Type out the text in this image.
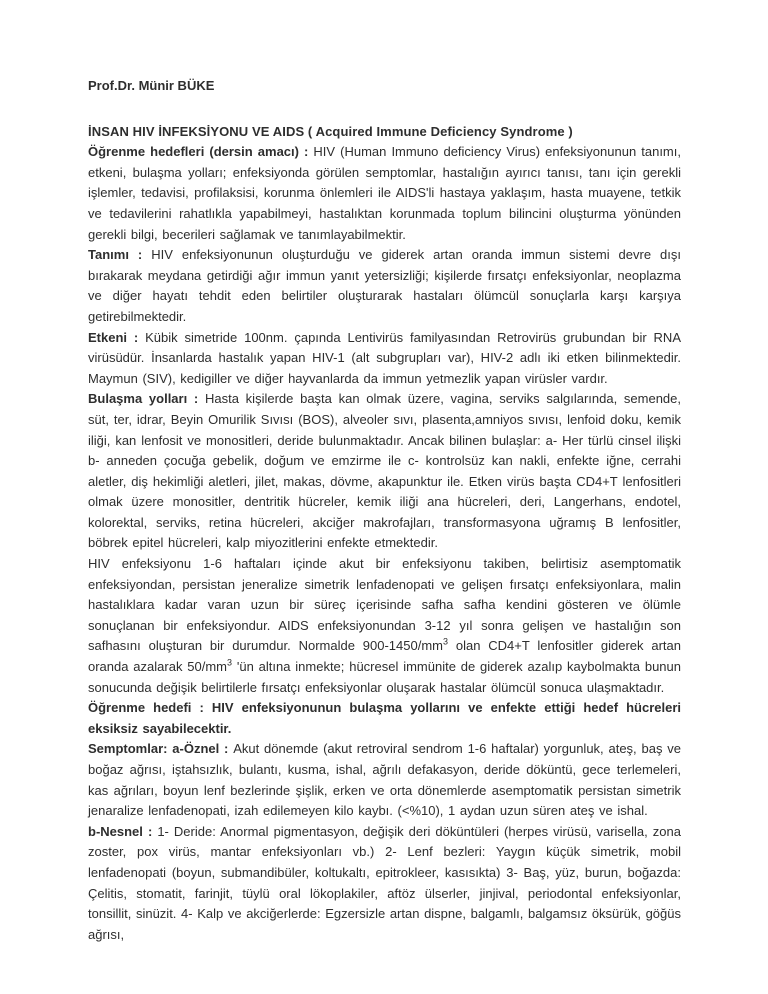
Prof.Dr. Münir BÜKE

İNSAN HIV İNFEKSİYONU VE AIDS ( Acquired Immune Deficiency Syndrome )

Öğrenme hedefleri (dersin amacı) : HIV (Human Immuno deficiency Virus) enfeksiyonunun tanımı, etkeni, bulaşma yolları; enfeksiyonda görülen semptomlar, hastalığın ayırıcı tanısı, tanı için gerekli işlemler, tedavisi, profilaksisi, korunma önlemleri ile AIDS'li hastaya yaklaşım, hasta muayene, tetkik ve tedavilerini rahatlıkla yapabilmeyi, hastalıktan korunmada toplum bilincini oluşturma yönünden gerekli bilgi, becerileri sağlamak ve tanımlayabilmektir.

Tanımı : HIV enfeksiyonunun oluşturduğu ve giderek artan oranda immun sistemi devre dışı bırakarak meydana getirdiği ağır immun yanıt yetersizliği; kişilerde fırsatçı enfeksiyonlar, neoplazma ve diğer hayatı tehdit eden belirtiler oluşturarak hastaları ölümcül sonuçlarla karşı karşıya getirebilmektedir.

Etkeni : Kübik simetride 100nm. çapında Lentivirüs familyasından Retrovirüs grubundan bir RNA virüsüdür. İnsanlarda hastalık yapan HIV-1 (alt subgrupları var), HIV-2 adlı iki etken bilinmektedir. Maymun (SIV), kedigiller ve diğer hayvanlarda da immun yetmezlik yapan virüsler vardır.

Bulaşma yolları : Hasta kişilerde başta kan olmak üzere, vagina, serviks salgılarında, semende, süt, ter, idrar, Beyin Omurilik Sıvısı (BOS), alveoler sıvı, plasenta,amniyos sıvısı, lenfoid doku, kemik iliği, kan lenfosit ve monositleri, deride bulunmaktadır. Ancak bilinen bulaşlar: a- Her türlü cinsel ilişki b- anneden çocuğa gebelik, doğum ve emzirme ile c- kontrolsüz kan nakli, enfekte iğne, cerrahi aletler, diş hekimliği aletleri, jilet, makas, dövme, akapunktur ile. Etken virüs başta CD4+T lenfositleri olmak üzere monositler, dentritik hücreler, kemik iliği ana hücreleri, deri, Langerhans, endotel, kolorektal, serviks, retina hücreleri, akciğer makrofajları, transformasyona uğramış B lenfositler, böbrek epitel hücreleri, kalp miyozitlerini enfekte etmektedir.

HIV enfeksiyonu 1-6 haftaları içinde akut bir enfeksiyonu takiben, belirtisiz asemptomatik enfeksiyondan, persistan jeneralize simetrik lenfadenopati ve gelişen fırsatçı enfeksiyonlara, malin hastalıklara kadar varan uzun bir süreç içerisinde safha safha kendini gösteren ve ölümle sonuçlanan bir enfeksiyondur. AIDS enfeksiyonundan 3-12 yıl sonra gelişen ve hastalığın son safhasını oluşturan bir durumdur. Normalde $900-1450/mm^3$ olan CD4+T lenfositler giderek artan oranda azalarak $50/mm^3$ 'ün altına inmekte; hücresel immünite de giderek azalıp kaybolmakta bunun sonucunda değişik belirtilerle fırsatçı enfeksiyonlar oluşarak hastalar ölümcül sonuca ulaşmaktadır.

Öğrenme hedefi : HIV enfeksiyonunun bulaşma yollarını ve enfekte ettiği hedef hücreleri eksiksiz sayabilecektir.

Semptomlar: a-Öznel : Akut dönemde (akut retroviral sendrom 1-6 haftalar) yorgunluk, ateş, baş ve boğaz ağrısı, iştahsızlık, bulantı, kusma, ishal, ağrılı defakasyon, deride döküntü, gece terlemeleri, kas ağrıları, boyun lenf bezlerinde şişlik, erken ve orta dönemlerde asemptomatik persistan simetrik jenaralize lenfadenopati, izah edilemeyen kilo kaybı. (<%10), 1 aydan uzun süren ateş ve ishal.

b-Nesnel : 1- Deride: Anormal pigmentasyon, değişik deri döküntüleri (herpes virüsü, varisella, zona zoster, pox virüs, mantar enfeksiyonları vb.) 2- Lenf bezleri: Yaygın küçük simetrik, mobil lenfadenopati (boyun, submandibüler, koltukaltı, epitrokleer, kasısıkta) 3- Baş, yüz, burun, boğazda: Çelitis, stomatit, farinjit, tüylü oral lökoplakiler, aftöz ülserler, jinjival, periodontal enfeksiyonlar, tonsillit, sinüzit. 4- Kalp ve akciğerlerde: Egzersizle artan dispne, balgamlı, balgamsız öksürük, göğüs ağrısı,
